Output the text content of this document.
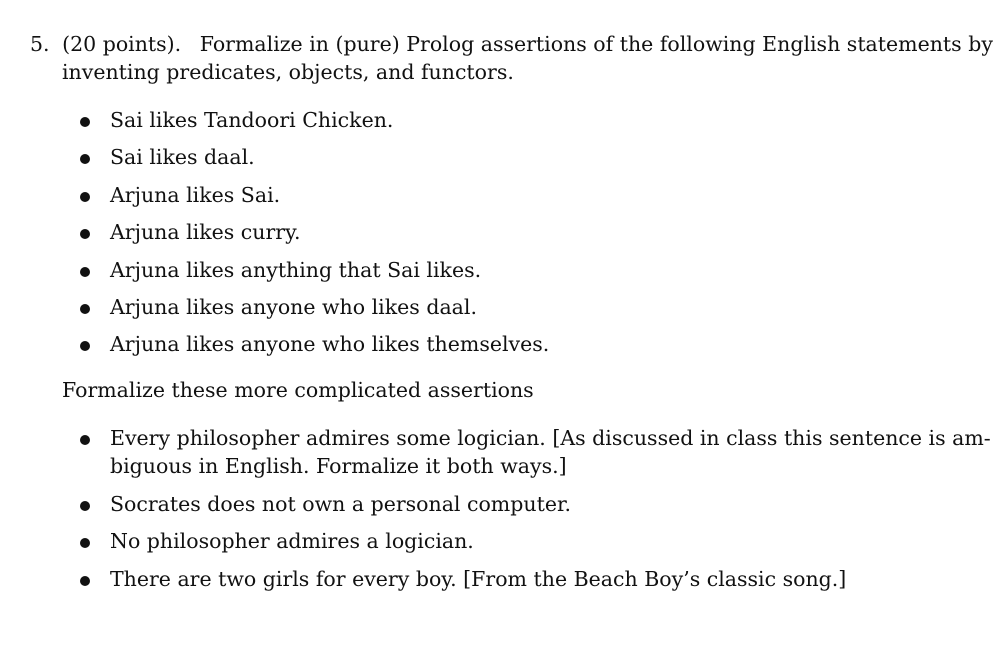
5. (20 points). Formalize in (pure) Prolog assertions of the following English statements by
inventing predicates, objects, and functors.
Sai likes Tandoori Chicken.
Sai likes daal.
Arjuna likes Sai.
Arjuna likes curry.
Arjuna likes anything that Sai likes.
Arjuna likes anyone who likes daal.
Arjuna likes anyone who likes themselves.
Formalize these more complicated assertions
Every philosopher admires some logician. [As discussed in class this sentence is am-
biguous in English. Formalize it both ways.]
Socrates does not own a personal computer.
No philosopher admires a logician.
There are two girls for every boy. [From the Beach Boy’s classic song.]
